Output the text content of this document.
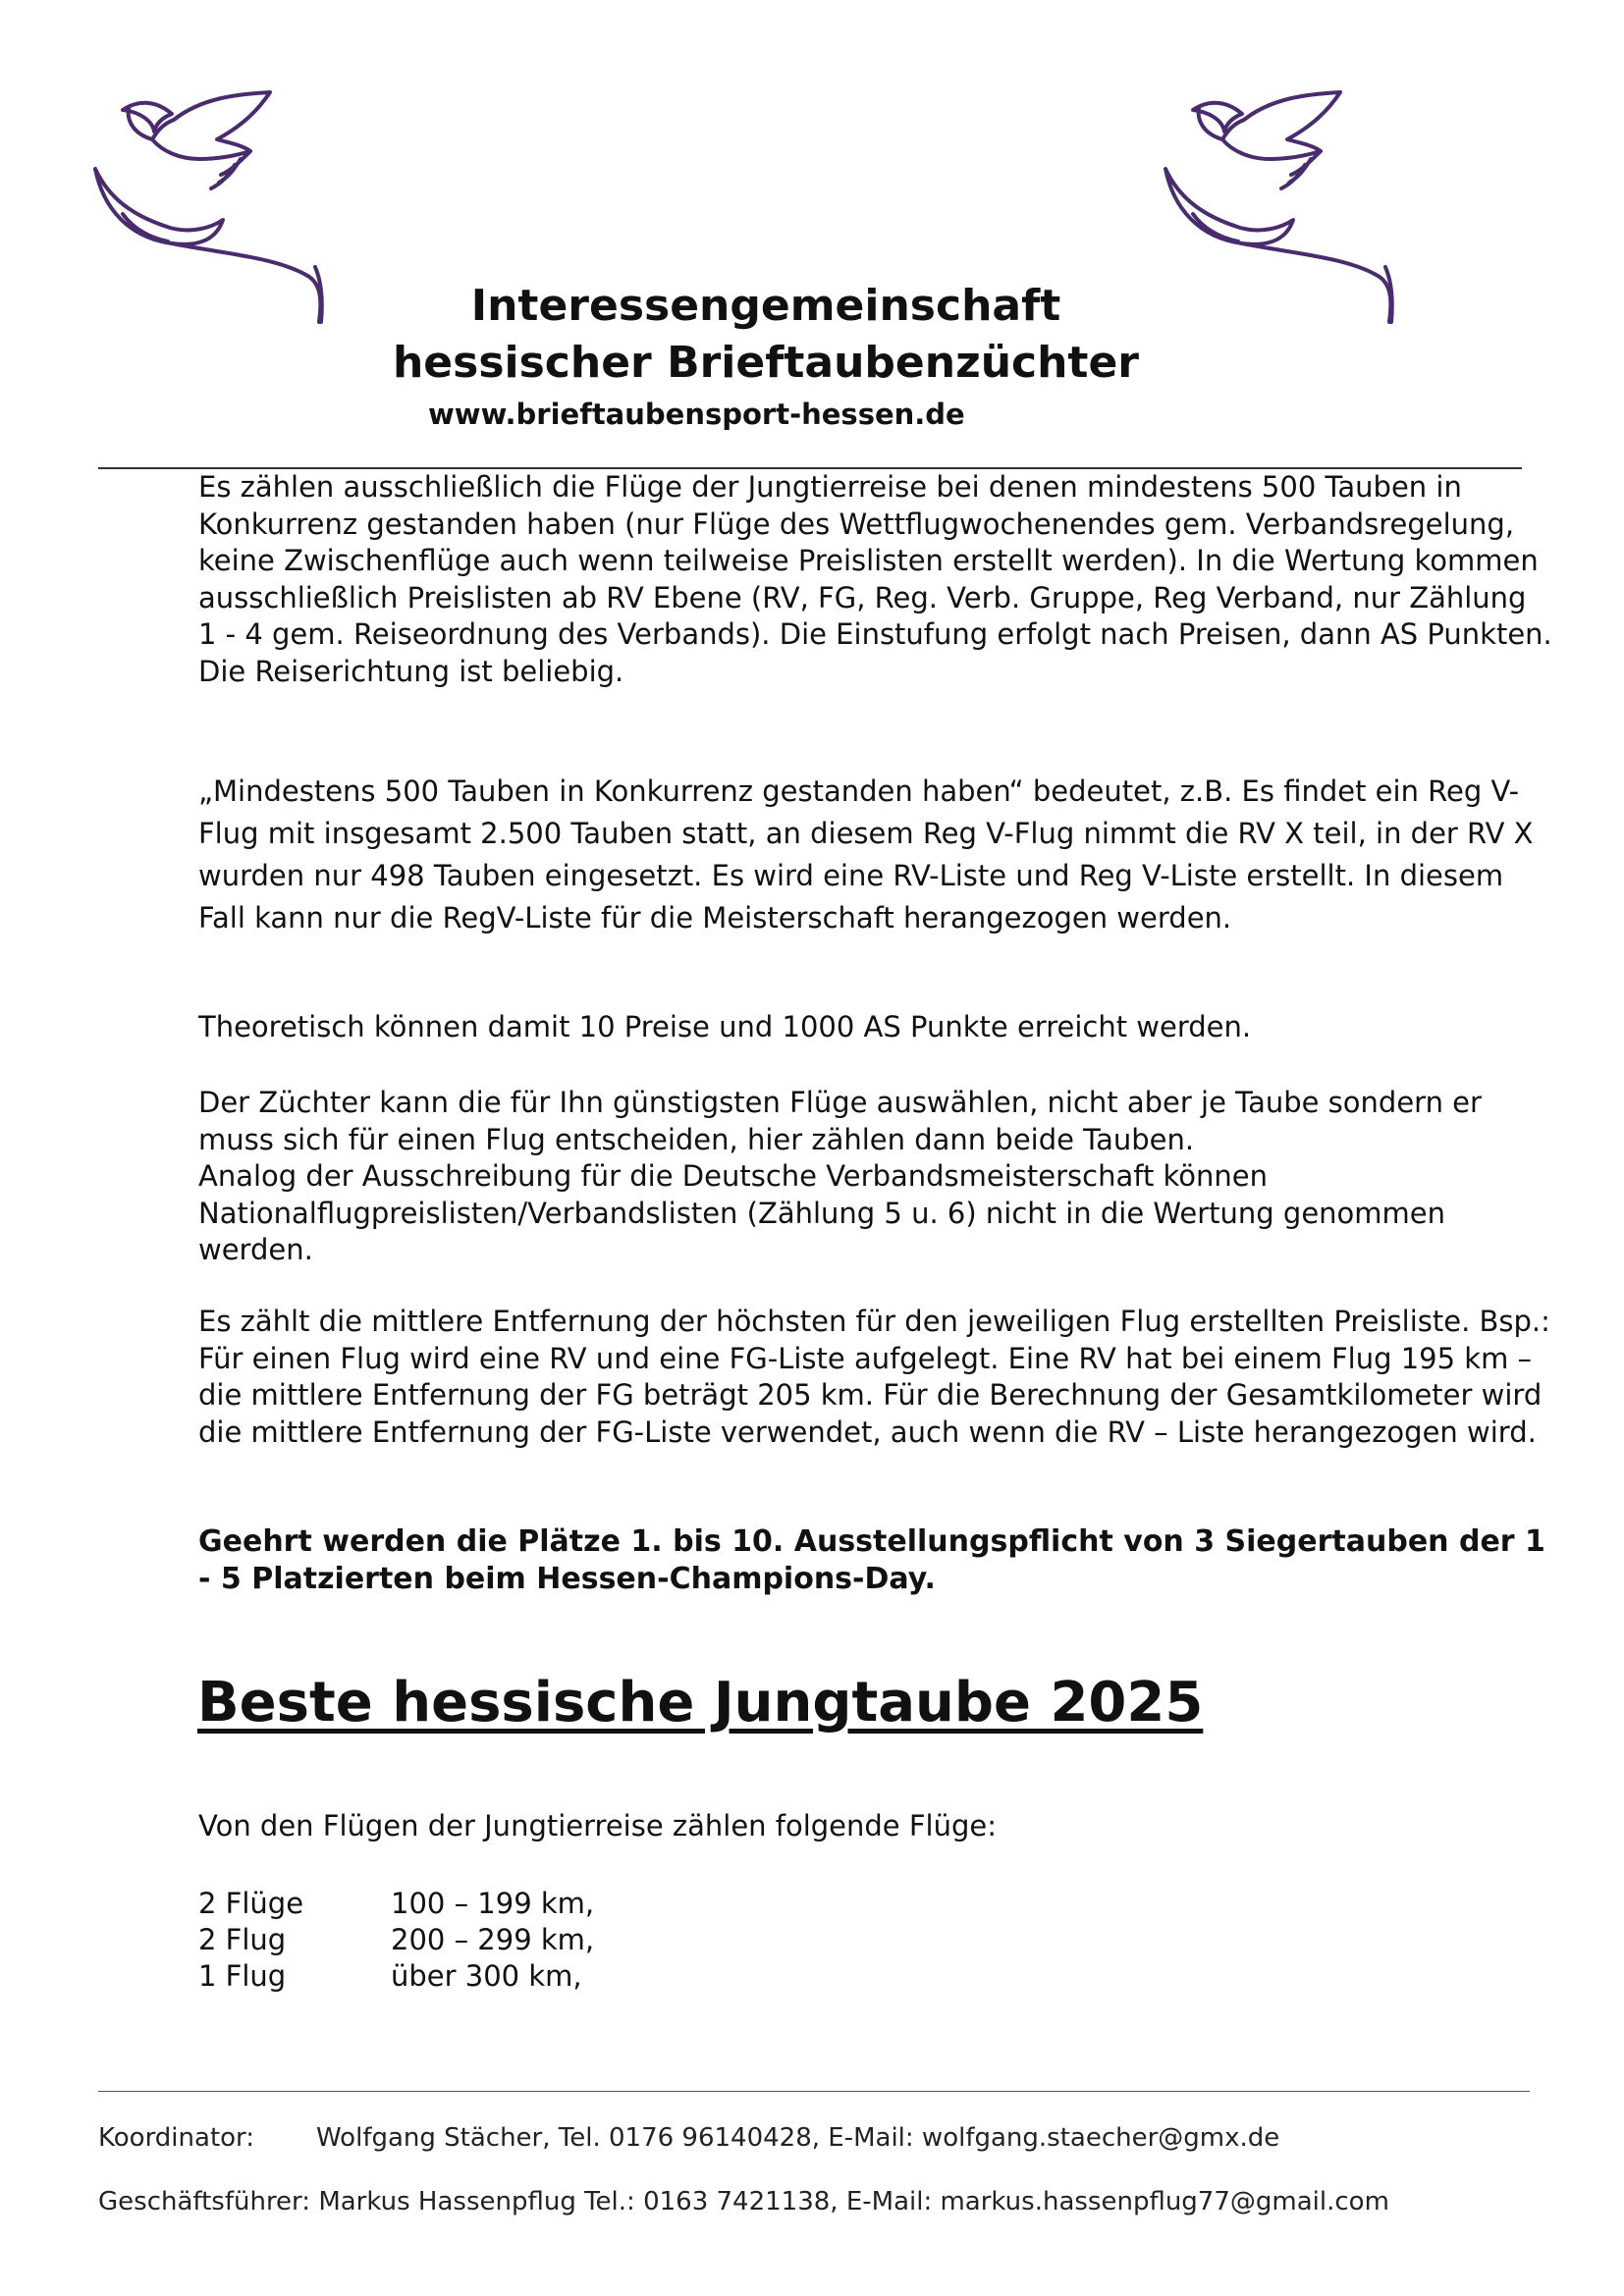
Interessengemeinschaft
hessischer Brieftaubenzüchter
www.brieftaubensport-hessen.de
Es zählen ausschließlich die Flüge der Jungtierreise bei denen mindestens 500 Tauben in Konkurrenz gestanden haben (nur Flüge des Wettflugwochenendes gem. Verbandsregelung, keine Zwischenflüge auch wenn teilweise Preislisten erstellt werden). In die Wertung kommen ausschließlich Preislisten ab RV Ebene (RV, FG, Reg. Verb. Gruppe, Reg Verband, nur Zählung 1 - 4 gem. Reiseordnung des Verbands). Die Einstufung erfolgt nach Preisen, dann AS Punkten.
Die Reiserichtung ist beliebig.

„Mindestens 500 Tauben in Konkurrenz gestanden haben“ bedeutet, z.B. Es findet ein Reg V-Flug mit insgesamt 2.500 Tauben statt, an diesem Reg V-Flug nimmt die RV X teil, in der RV X wurden nur 498 Tauben eingesetzt. Es wird eine RV-Liste und Reg V-Liste erstellt. In diesem Fall kann nur die RegV-Liste für die Meisterschaft herangezogen werden.

Theoretisch können damit 10 Preise und 1000 AS Punkte erreicht werden.

Der Züchter kann die für Ihn günstigsten Flüge auswählen, nicht aber je Taube sondern er muss sich für einen Flug entscheiden, hier zählen dann beide Tauben.
Analog der Ausschreibung für die Deutsche Verbandsmeisterschaft können Nationalflugpreislisten/Verbandslisten (Zählung 5 u. 6) nicht in die Wertung genommen werden.

Es zählt die mittlere Entfernung der höchsten für den jeweiligen Flug erstellten Preisliste. Bsp.: Für einen Flug wird eine RV und eine FG-Liste aufgelegt. Eine RV hat bei einem Flug 195 km – die mittlere Entfernung der FG beträgt 205 km. Für die Berechnung der Gesamtkilometer wird die mittlere Entfernung der FG-Liste verwendet, auch wenn die RV – Liste herangezogen wird.

Geehrt werden die Plätze 1. bis 10. Ausstellungspflicht von 3 Siegertauben der 1 - 5 Platzierten beim Hessen-Champions-Day.

Beste hessische Jungtaube 2025
Von den Flügen der Jungtierreise zählen folgende Flüge:
2 Flüge	100 – 199 km,
2 Flug	200 – 299 km,
1 Flug	über 300 km,
Koordinator: Wolfgang Stächer, Tel. 0176 96140428, E-Mail: wolfgang.staecher@gmx.de
Geschäftsführer: Markus Hassenpflug Tel.: 0163 7421138, E-Mail: markus.hassenpflug77@gmail.com
